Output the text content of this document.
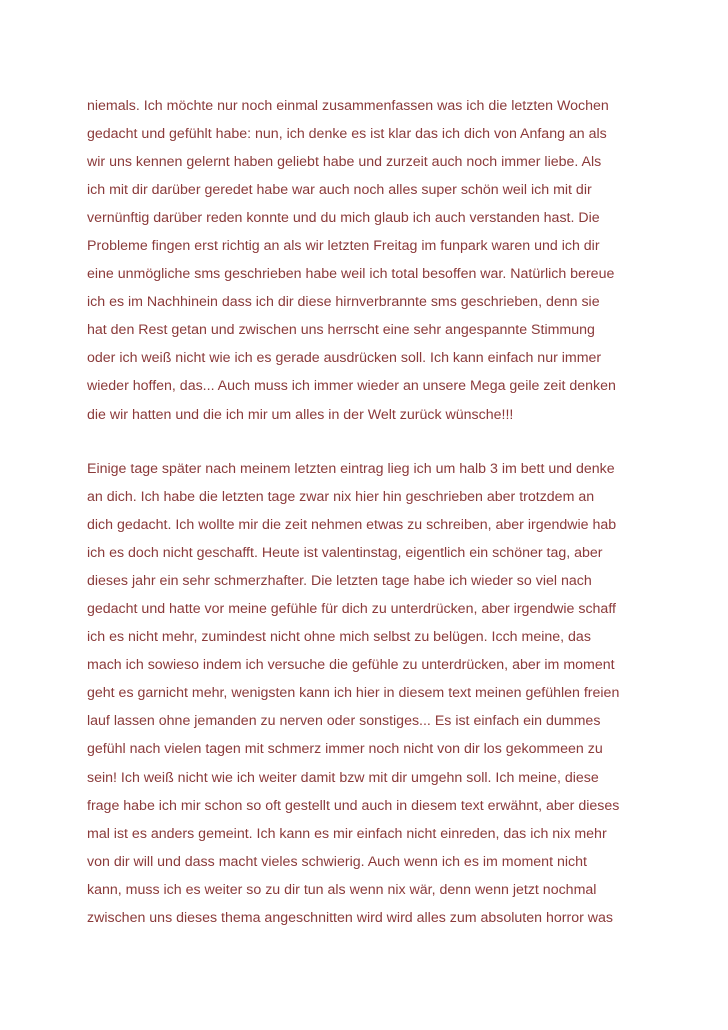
niemals. Ich möchte nur noch einmal zusammenfassen was ich die letzten Wochen
gedacht und gefühlt habe: nun, ich denke es ist klar das ich dich von Anfang an als
wir uns kennen gelernt haben geliebt habe und zurzeit auch noch immer liebe. Als
ich mit dir darüber geredet habe war auch noch alles super schön weil ich mit dir
vernünftig darüber reden konnte und du mich glaub ich auch verstanden hast. Die
Probleme fingen erst richtig an als wir letzten Freitag im funpark waren und ich dir
eine unmögliche sms geschrieben habe weil ich total besoffen war. Natürlich bereue
ich es im Nachhinein dass ich dir diese hirnverbrannte sms geschrieben, denn sie
hat den Rest getan und zwischen uns herrscht eine sehr angespannte Stimmung
oder ich weiß nicht wie ich es gerade ausdrücken soll. Ich kann einfach nur immer
wieder hoffen, das... Auch muss ich immer wieder an unsere Mega geile zeit denken
die wir hatten und die ich mir um alles in der Welt zurück wünsche!!!
Einige tage später nach meinem letzten eintrag lieg ich um halb 3 im bett und denke
an dich. Ich habe die letzten tage zwar nix hier hin geschrieben aber trotzdem an
dich gedacht. Ich wollte mir die zeit nehmen etwas zu schreiben, aber irgendwie hab
ich es doch nicht geschafft. Heute ist valentinstag, eigentlich ein schöner tag, aber
dieses jahr ein sehr schmerzhafter. Die letzten tage habe ich wieder so viel nach
gedacht und hatte vor meine gefühle für dich zu unterdrücken, aber irgendwie schaff
ich es nicht mehr, zumindest nicht ohne mich selbst zu belügen. Icch meine, das
mach ich sowieso indem ich versuche die gefühle zu unterdrücken, aber im moment
geht es garnicht mehr, wenigsten kann ich hier in diesem text meinen gefühlen freien
lauf lassen ohne jemanden zu nerven oder sonstiges... Es ist einfach ein dummes
gefühl nach vielen tagen mit schmerz immer noch nicht von dir los gekommeen zu
sein! Ich weiß nicht wie ich weiter damit bzw mit dir umgehn soll. Ich meine, diese
frage habe ich mir schon so oft gestellt und auch in diesem text erwähnt, aber dieses
mal ist es anders gemeint. Ich kann es mir einfach nicht einreden, das ich nix mehr
von dir will und dass macht vieles schwierig. Auch wenn ich es im moment nicht
kann, muss ich es weiter so zu dir tun als wenn nix wär, denn wenn jetzt nochmal
zwischen uns dieses thema angeschnitten wird wird alles zum absoluten horror was
